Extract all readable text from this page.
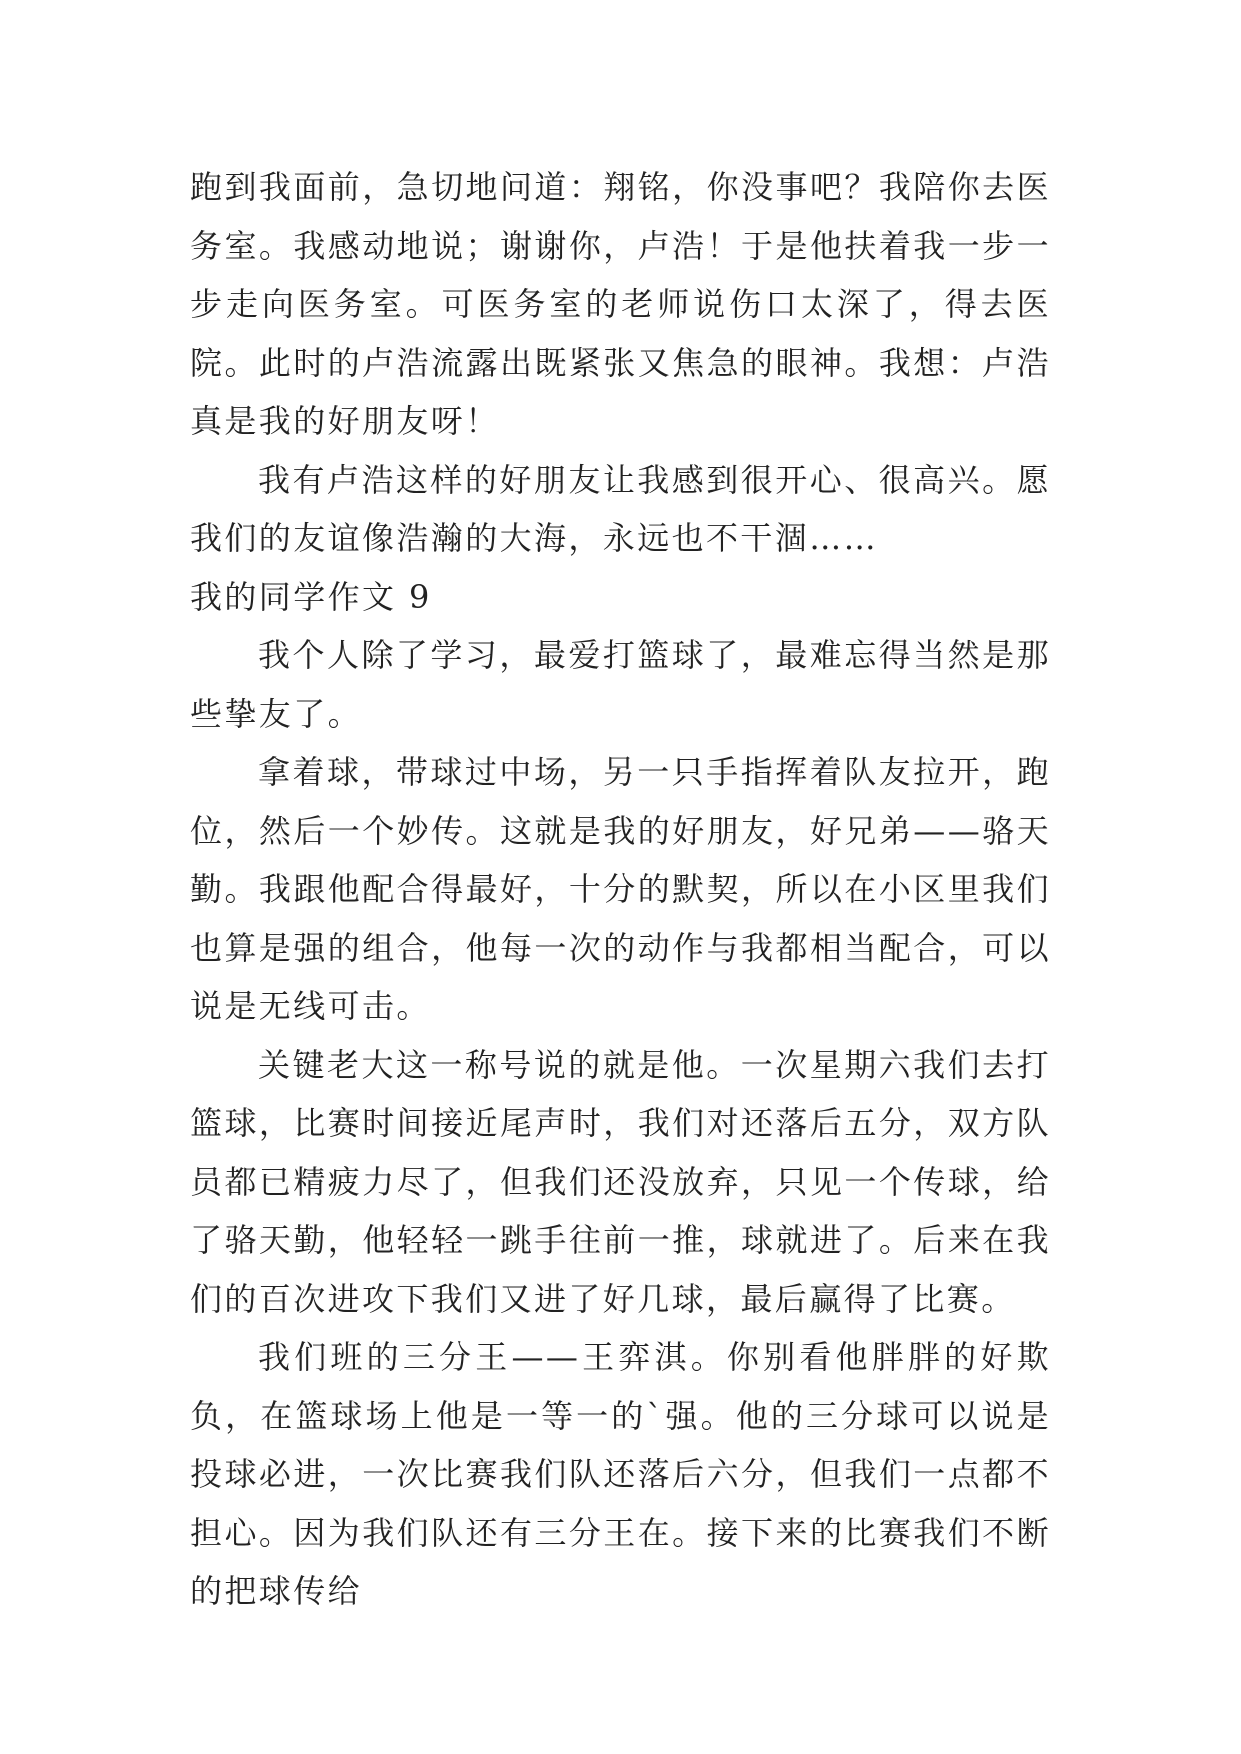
跑到我面前，急切地问道：翔铭，你没事吧？我陪你去医务室。我感动地说；谢谢你，卢浩！于是他扶着我一步一步走向医务室。可医务室的老师说伤口太深了，得去医院。此时的卢浩流露出既紧张又焦急的眼神。我想：卢浩真是我的好朋友呀！

我有卢浩这样的好朋友让我感到很开心、很高兴。愿我们的友谊像浩瀚的大海，永远也不干涸……

我的同学作文 9

我个人除了学习，最爱打篮球了，最难忘得当然是那些挚友了。

拿着球，带球过中场，另一只手指挥着队友拉开，跑位，然后一个妙传。这就是我的好朋友，好兄弟——骆天勤。我跟他配合得最好，十分的默契，所以在小区里我们也算是强的组合，他每一次的动作与我都相当配合，可以说是无线可击。

关键老大这一称号说的就是他。一次星期六我们去打篮球，比赛时间接近尾声时，我们对还落后五分，双方队员都已精疲力尽了，但我们还没放弃，只见一个传球，给了骆天勤，他轻轻一跳手往前一推，球就进了。后来在我们的百次进攻下我们又进了好几球，最后赢得了比赛。

我们班的三分王——王弈淇。你别看他胖胖的好欺负，在篮球场上他是一等一的`强。他的三分球可以说是投球必进，一次比赛我们队还落后六分，但我们一点都不担心。因为我们队还有三分王在。接下来的比赛我们不断的把球传给
